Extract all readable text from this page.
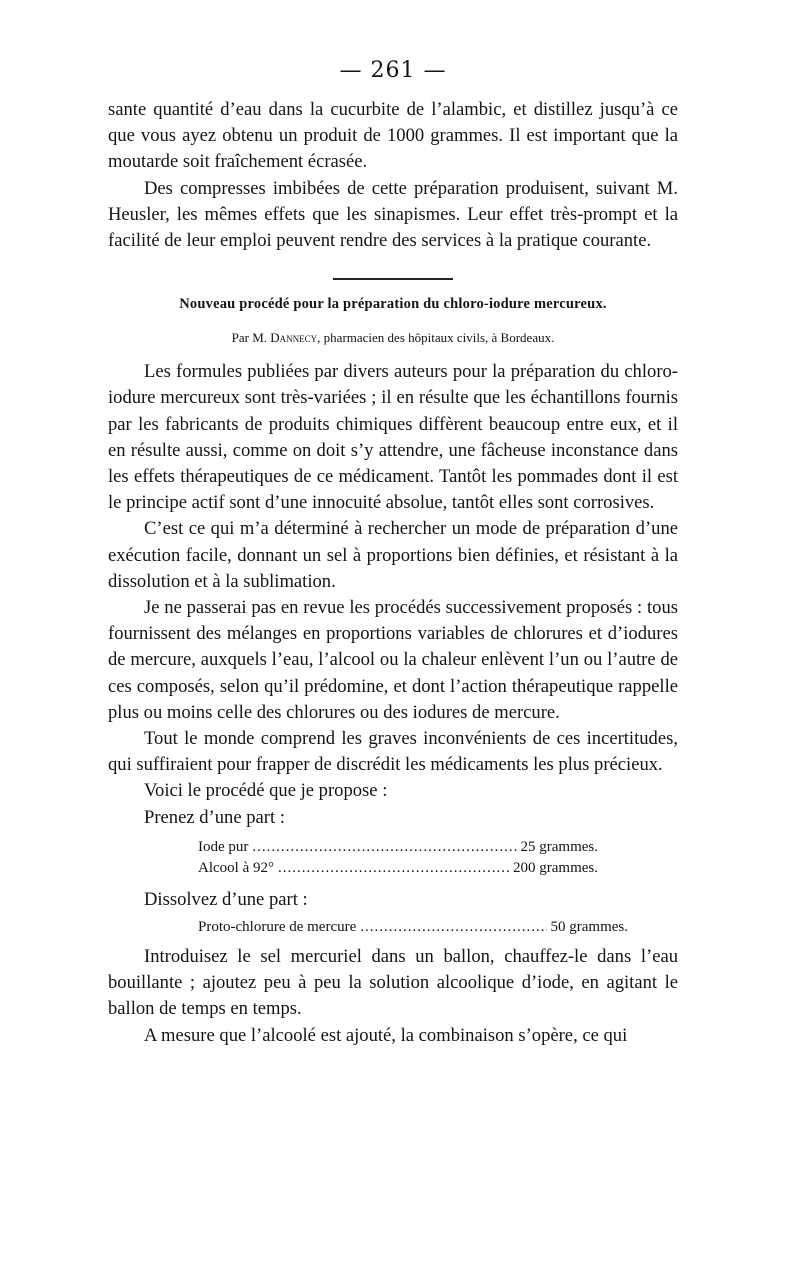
— 261 —

sante quantité d’eau dans la cucurbite de l’alambic, et distillez jusqu’à ce que vous ayez obtenu un produit de 1000 grammes. Il est important que la moutarde soit fraîchement écrasée.

Des compresses imbibées de cette préparation produisent, suivant M. Heusler, les mêmes effets que les sinapismes. Leur effet très-prompt et la facilité de leur emploi peuvent rendre des services à la pratique courante.

Nouveau procédé pour la préparation du chloro-iodure mercureux.
Par M. Dannecy, pharmacien des hôpitaux civils, à Bordeaux.

Les formules publiées par divers auteurs pour la préparation du chloro-iodure mercureux sont très-variées ; il en résulte que les échantillons fournis par les fabricants de produits chimiques diffèrent beaucoup entre eux, et il en résulte aussi, comme on doit s’y attendre, une fâcheuse inconstance dans les effets thérapeutiques de ce médicament. Tantôt les pommades dont il est le principe actif sont d’une innocuité absolue, tantôt elles sont corrosives.

C’est ce qui m’a déterminé à rechercher un mode de préparation d’une exécution facile, donnant un sel à proportions bien définies, et résistant à la dissolution et à la sublimation.

Je ne passerai pas en revue les procédés successivement proposés : tous fournissent des mélanges en proportions variables de chlorures et d’iodures de mercure, auxquels l’eau, l’alcool ou la chaleur enlèvent l’un ou l’autre de ces composés, selon qu’il prédomine, et dont l’action thérapeutique rappelle plus ou moins celle des chlorures ou des iodures de mercure.

Tout le monde comprend les graves inconvénients de ces incertitudes, qui suffiraient pour frapper de discrédit les médicaments les plus précieux.

Voici le procédé que je propose :

Prenez d’une part :

Iode pur .....	25 grammes.
Alcool à 92° .....	200 grammes.

Dissolvez d’une part :

Proto-chlorure de mercure .....	50 grammes.

Introduisez le sel mercuriel dans un ballon, chauffez-le dans l’eau bouillante ; ajoutez peu à peu la solution alcoolique d’iode, en agitant le ballon de temps en temps.

A mesure que l’alcoolé est ajouté, la combinaison s’opère, ce qui
